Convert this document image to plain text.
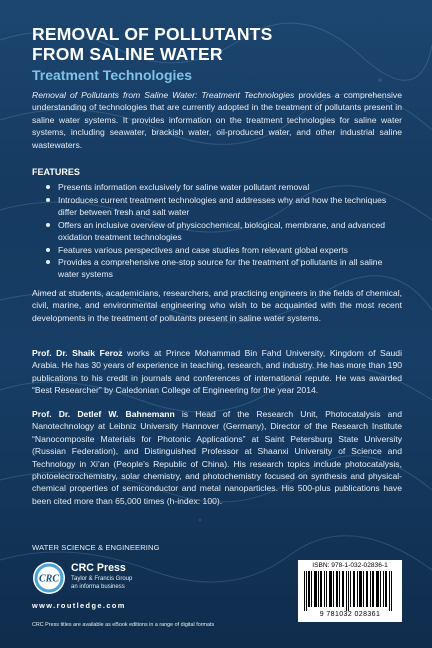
REMOVAL OF POLLUTANTS
FROM SALINE WATER
Treatment Technologies
Removal of Pollutants from Saline Water: Treatment Technologies provides a comprehensive understanding of technologies that are currently adopted in the treatment of pollutants present in saline water systems. It provides information on the treatment technologies for saline water systems, including seawater, brackish water, oil-produced water, and other industrial saline wastewaters.
FEATURES
Presents information exclusively for saline water pollutant removal
Introduces current treatment technologies and addresses why and how the techniques differ between fresh and salt water
Offers an inclusive overview of physicochemical, biological, membrane, and advanced oxidation treatment technologies
Features various perspectives and case studies from relevant global experts
Provides a comprehensive one-stop source for the treatment of pollutants in all saline water systems
Aimed at students, academicians, researchers, and practicing engineers in the fields of chemical, civil, marine, and environmental engineering who wish to be acquainted with the most recent developments in the treatment of pollutants present in saline water systems.
Prof. Dr. Shaik Feroz works at Prince Mohammad Bin Fahd University, Kingdom of Saudi Arabia. He has 30 years of experience in teaching, research, and industry. He has more than 190 publications to his credit in journals and conferences of international repute. He was awarded “Best Researcher” by Caledonian College of Engineering for the year 2014.
Prof. Dr. Detlef W. Bahnemann is Head of the Research Unit, Photocatalysis and Nanotechnology at Leibniz University Hannover (Germany), Director of the Research Institute “Nanocomposite Materials for Photonic Applications” at Saint Petersburg State University (Russian Federation), and Distinguished Professor at Shaanxi University of Science and Technology in Xi’an (People’s Republic of China). His research topics include photocatalysis, photoelectrochemistry, solar chemistry, and photochemistry focused on synthesis and physical-chemical properties of semiconductor and metal nanoparticles. His 500-plus publications have been cited more than 65,000 times (h-index: 100).
WATER SCIENCE & ENGINEERING
CRC
CRC Press
Taylor & Francis Group
an informa business
www.routledge.com
CRC Press titles are available as eBook editions in a range of digital formats
ISBN: 978-1-032-02836-1
9 781032 028361
